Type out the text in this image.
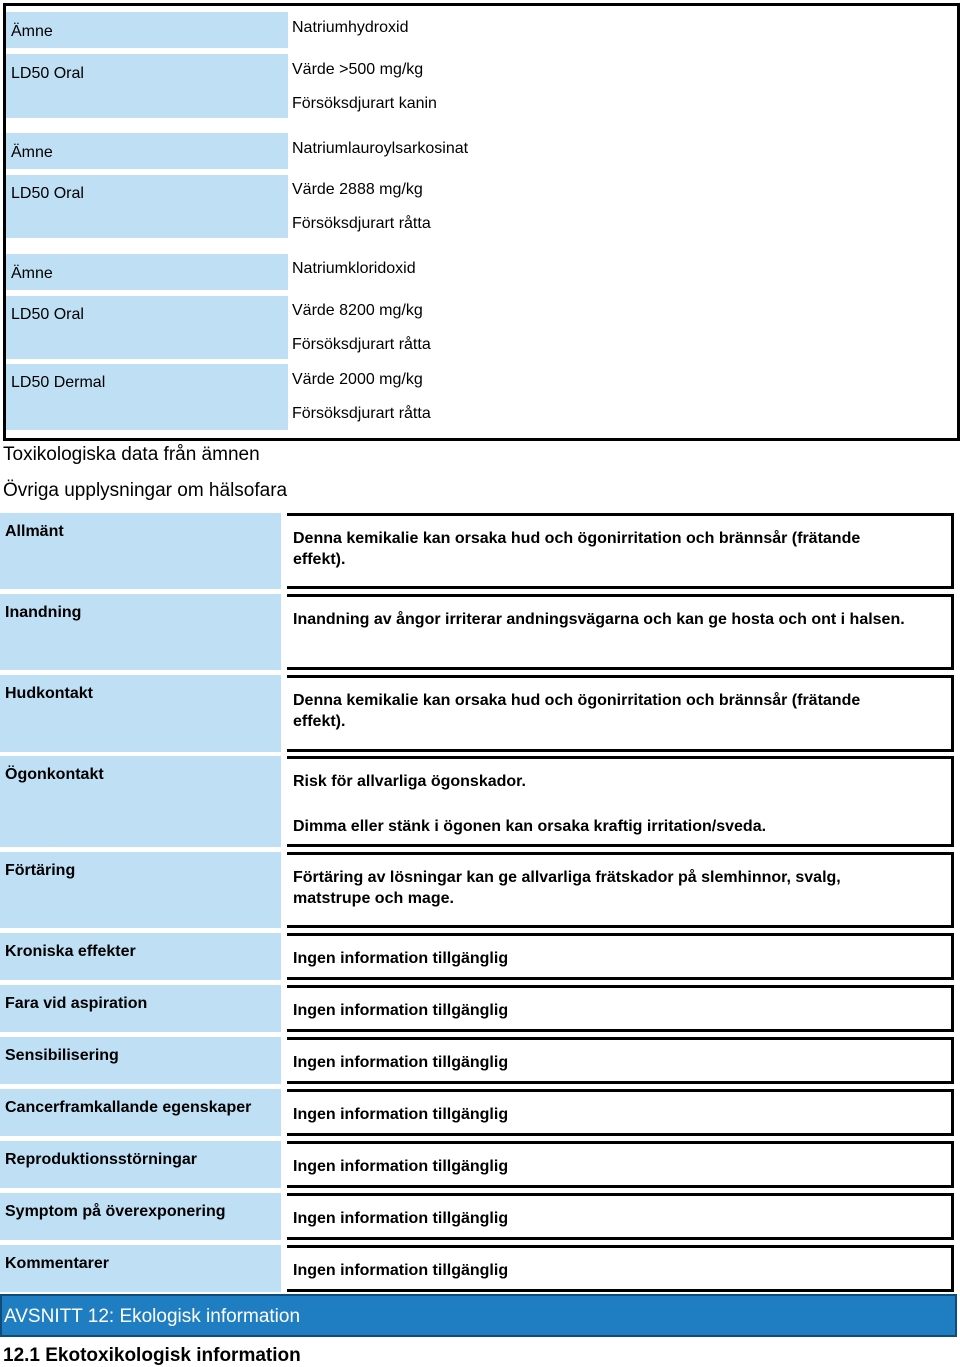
Ämne	Natriumhydroxid
LD50 Oral	Värde >500 mg/kg
Försöksdjurart kanin
Ämne	Natriumlauroylsarkosinat
LD50 Oral	Värde 2888 mg/kg
Försöksdjurart råtta
Ämne	Natriumkloridoxid
LD50 Oral	Värde 8200 mg/kg
Försöksdjurart råtta
LD50 Dermal	Värde 2000 mg/kg
Försöksdjurart råtta
Toxikologiska data från ämnen
Övriga upplysningar om hälsofara
Allmänt	Denna kemikalie kan orsaka hud och ögonirritation och brännsår (frätande effekt).
Inandning	Inandning av ångor irriterar andningsvägarna och kan ge hosta och ont i halsen.
Hudkontakt	Denna kemikalie kan orsaka hud och ögonirritation och brännsår (frätande effekt).
Ögonkontakt	Risk för allvarliga ögonskador.
Dimma eller stänk i ögonen kan orsaka kraftig irritation/sveda.
Förtäring	Förtäring av lösningar kan ge allvarliga frätskador på slemhinnor, svalg, matstrupe och mage.
Kroniska effekter	Ingen information tillgänglig
Fara vid aspiration	Ingen information tillgänglig
Sensibilisering	Ingen information tillgänglig
Cancerframkallande egenskaper	Ingen information tillgänglig
Reproduktionsstörningar	Ingen information tillgänglig
Symptom på överexponering	Ingen information tillgänglig
Kommentarer	Ingen information tillgänglig
AVSNITT 12: Ekologisk information
12.1 Ekotoxikologisk information
